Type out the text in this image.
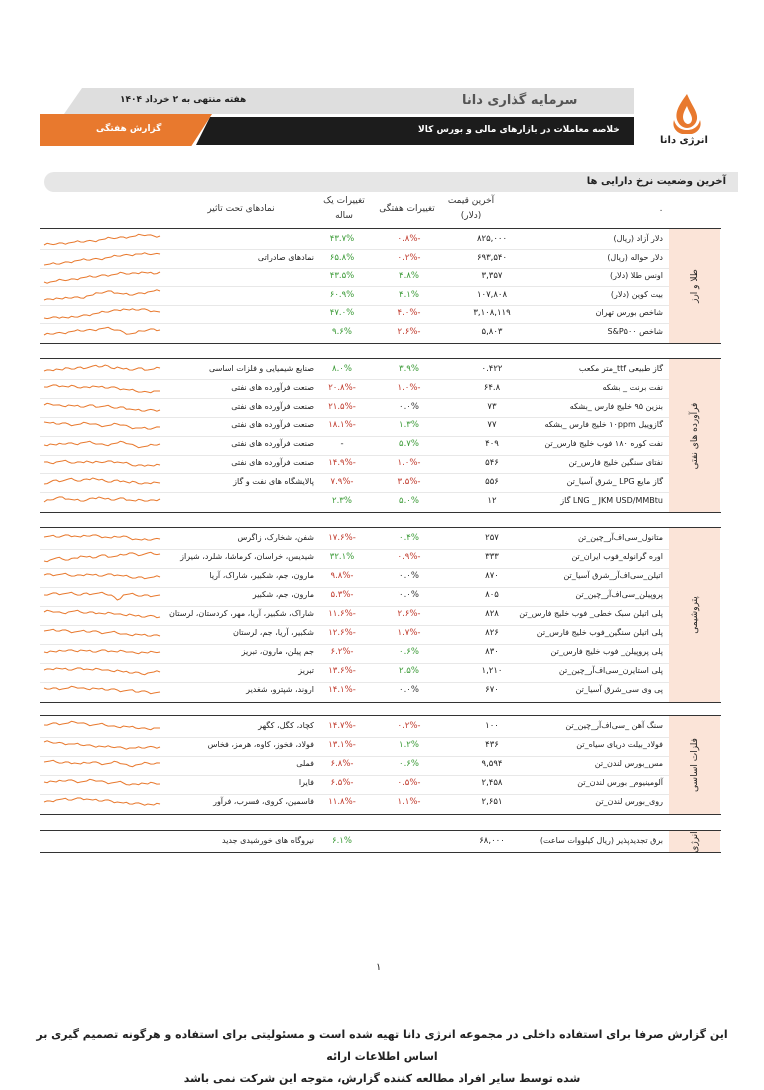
هفته منتهی به ۲ خرداد ۱۴۰۴	سرمایه گذاری دانا
خلاصه معاملات در بازارهای مالی و بورس کالا
گزارش هفتگی
انرژی دانا
آخرین وضعیت نرخ دارایی ها
آخرین قیمت
(دلار)
تغییرات هفتگی
تغییرات یک
ساله
نمادهای تحت تاثیر	.
طلا و ارز
دلار آزاد (ریال)
۸۲۵,۰۰۰
-۰.۸%
۴۳.۷%
دلار حواله (ریال)
۶۹۳,۵۴۰
-۰.۲%
۶۵.۸%
نمادهای صادراتی
اونس طلا (دلار)
۳,۳۵۷
۴.۸%
۴۳.۵%
بیت کوین (دلار)
۱۰۷,۸۰۸
۴.۱%
۶۰.۹%
شاخص بورس تهران
۳,۱۰۸,۱۱۹
-۴.۰%
۴۷.۰%
شاخص S&P۵۰۰
۵,۸۰۳
-۲.۶%
۹.۶%
فرآورده های نفتی
گاز طبیعی ttf_متر مکعب
۰.۴۲۲
۳.۹%
۸.۰%
صنایع شیمیایی و فلزات اساسی
نفت برنت _ بشکه
۶۴.۸
-۱.۰%
-۲۰.۸%
صنعت فرآورده های نفتی
بنزین ۹۵ خلیج فارس _بشکه
۷۳
۰.۰%
-۲۱.۵%
صنعت فرآورده های نفتی
گازوییل ۱۰ppm خلیج فارس _بشکه
۷۷
۱.۳%
-۱۸.۱%
صنعت فرآورده های نفتی
نفت کوره ۱۸۰ فوب خلیج فارس_تن
۴۰۹
۵.۷%
-
صنعت فرآورده های نفتی
نفتای سنگین خلیج فارس_تن
۵۴۶
-۱.۰%
-۱۴.۹%
صنعت فرآورده های نفتی
گاز مایع LPG _شرق آسیا_تن
۵۵۶
-۳.۵%
-۷.۹%
پالایشگاه های نفت و گاز
LNG _ JKM USD/MMBtu گاز
۱۲
۵.۰%
۲.۳%
پتروشیمی
متانول_سی‌اف‌آر_چین_تن
۲۵۷
۰.۴%
-۱۷.۶%
شفن، شخارک، زاگرس
اوره گرانوله_فوب ایران_تن
۳۳۳
-۰.۹%
۳۲.۱%
شیدیس، خراسان، کرماشا، شلرد، شیراز
اتیلن_سی‌اف‌آر_شرق آسیا_تن
۸۷۰
۰.۰%
-۹.۸%
مارون، جم، شکبیر، شاراک، آریا
پروپیلن_سی‌اف‌آر_چین_تن
۸۰۵
۰.۰%
-۵.۳%
مارون، جم، شکبیر
پلی اتیلن سبک خطی_ فوب خلیج فارس_تن
۸۲۸
-۲.۶%
-۱۱.۶%
شاراک، شکبیر، آریا، مهر، کردستان، لرستان
پلی اتیلن سنگین_فوب خلیج فارس_تن
۸۲۶
-۱.۷%
-۱۲.۶%
شکبیر، آریا، جم، لرستان
پلی پروپیلن_ فوب خلیج فارس_تن
۸۳۰
۰.۶%
-۶.۲%
جم پیلن، مارون، تبریز
پلی استایرن_سی‌اف‌آر_چین_تن
۱,۲۱۰
۲.۵%
-۱۳.۶%
تبریز
پی وی سی_شرق آسیا_تن
۶۷۰
۰.۰%
-۱۴.۱%
اروند، شپترو، شغدیر
فلزات اساسی
سنگ آهن _سی‌اف‌آر_چین_تن
۱۰۰
-۰.۲%
-۱۴.۷%
کچاد، کگل، کگهر
فولاد_بیلت دریای سیاه_تن
۴۳۶
۱.۲%
-۱۳.۱%
فولاد، فخوز، کاوه، هرمز، فخاس
مس_بورس لندن_تن
۹,۵۹۴
۰.۶%
-۶.۸%
فملی
آلومینیوم_ بورس لندن_تن
۲,۴۵۸
-۰.۵%
-۶.۵%
فایرا
روی_بورس لندن_تن
۲,۶۵۱
-۱.۱%
-۱۱.۸%
فاسمین، کروی، فسرب، فرآور
انرژی
برق تجدیدپذیر (ریال کیلووات ساعت)
۶۸,۰۰۰
۶.۱%
نیروگاه های خورشیدی جدید
۱
این گزارش صرفا برای استفاده داخلی در مجموعه انرژی دانا تهیه شده است و مسئولیتی برای استفاده و هرگونه تصمیم گیری بر اساس اطلاعات ارائه
شده توسط سایر افراد مطالعه کننده گزارش، متوجه این شرکت نمی باشد
